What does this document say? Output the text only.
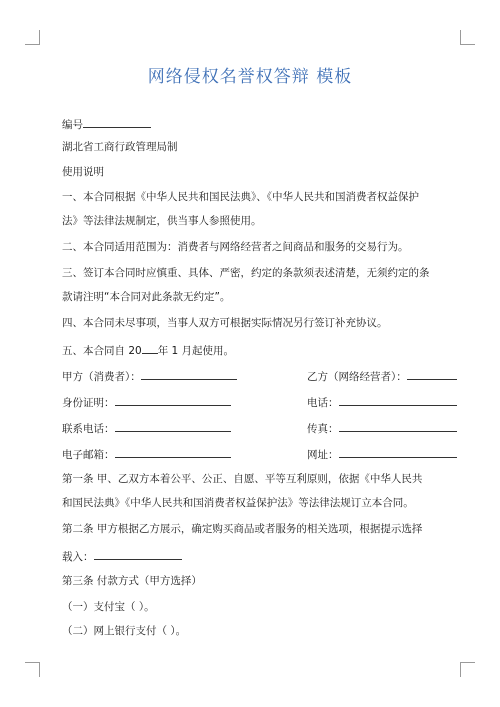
网络侵权名誉权答辩 模板
编号
湖北省工商行政管理局制
使用说明
一、本合同根据《中华人民共和国民法典》、《中华人民共和国消费者权益保护
法》等法律法规制定，供当事人参照使用。
二、本合同适用范围为：消费者与网络经营者之间商品和服务的交易行为。
三、签订本合同时应慎重、具体、严密，约定的条款须表述清楚，无须约定的条
款请注明“本合同对此条款无约定”。
四、本合同未尽事项，当事人双方可根据实际情况另行签订补充协议。
五、本合同自 20 年 1 月起使用。
甲方（消费者）：	乙方（网络经营者）：
身份证明：	电话：
联系电话：	传真：
电子邮箱：	网址：
第一条 甲、乙双方本着公平、公正、自愿、平等互利原则，依据《中华人民共
和国民法典》《中华人民共和国消费者权益保护法》等法律法规订立本合同。
第二条 甲方根据乙方展示，确定购买商品或者服务的相关选项，根据提示选择
载入：
第三条 付款方式（甲方选择）
（一）支付宝（ ）。
（二）网上银行支付（ ）。
